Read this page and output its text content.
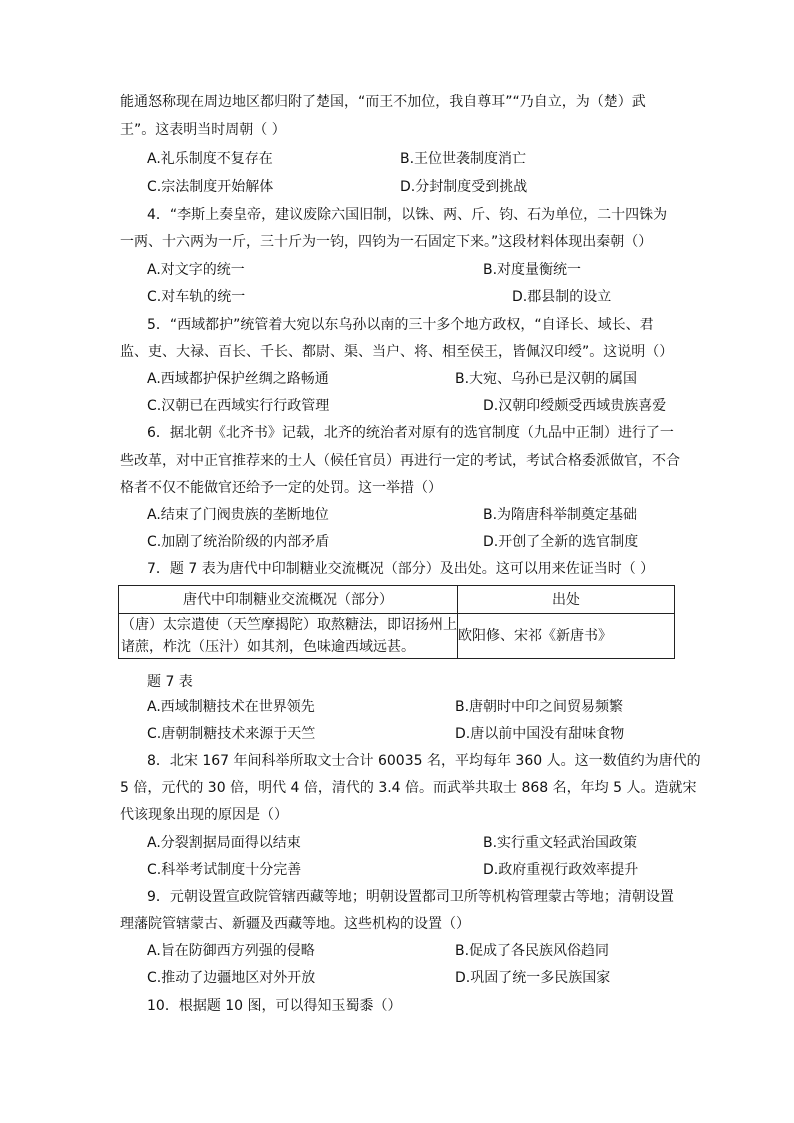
能通怒称现在周边地区都归附了楚国，“而王不加位，我自尊耳”“乃自立，为（楚）武
王”。这表明当时周朝（ ）
A.礼乐制度不复存在	B.王位世袭制度消亡
C.宗法制度开始解体	D.分封制度受到挑战
4．“李斯上奏皇帝，建议废除六国旧制，以铢、两、斤、钧、石为单位，二十四铢为
一两、十六两为一斤，三十斤为一钧，四钧为一石固定下来。”这段材料体现出秦朝（）
A.对文字的统一	B.对度量衡统一
C.对车轨的统一	D.郡县制的设立
5．“西域都护”统管着大宛以东乌孙以南的三十多个地方政权，“自译长、域长、君
监、吏、大禄、百长、千长、都尉、渠、当户、将、相至侯王，皆佩汉印绶”。这说明（）
A.西域都护保护丝绸之路畅通	B.大宛、乌孙已是汉朝的属国
C.汉朝已在西域实行行政管理	D.汉朝印绶颇受西域贵族喜爱
6．据北朝《北齐书》记载，北齐的统治者对原有的选官制度（九品中正制）进行了一
些改革，对中正官推荐来的士人（候任官员）再进行一定的考试，考试合格委派做官，不合
格者不仅不能做官还给予一定的处罚。这一举措（）
A.结束了门阀贵族的垄断地位	B.为隋唐科举制奠定基础
C.加剧了统治阶级的内部矛盾	D.开创了全新的选官制度
7．题 7 表为唐代中印制糖业交流概况（部分）及出处。这可以用来佐证当时（ ）
唐代中印制糖业交流概况（部分）	出处

（唐）太宗遣使（天竺摩揭陀）取熬糖法，即诏扬州上
诸蔗，柞沈（压汁）如其剂，色味逾西域远甚。	欧阳修、宋祁《新唐书》
题 7 表
A.西域制糖技术在世界领先	B.唐朝时中印之间贸易频繁
C.唐朝制糖技术来源于天竺	D.唐以前中国没有甜味食物
8．北宋 167 年间科举所取文士合计 60035 名，平均每年 360 人。这一数值约为唐代的
5 倍，元代的 30 倍，明代 4 倍，清代的 3.4 倍。而武举共取士 868 名，年均 5 人。造就宋
代该现象出现的原因是（）
A.分裂割据局面得以结束	B.实行重文轻武治国政策
C.科举考试制度十分完善	D.政府重视行政效率提升
9．元朝设置宣政院管辖西藏等地；明朝设置都司卫所等机构管理蒙古等地；清朝设置
理藩院管辖蒙古、新疆及西藏等地。这些机构的设置（）
A.旨在防御西方列强的侵略	B.促成了各民族风俗趋同
C.推动了边疆地区对外开放	D.巩固了统一多民族国家
10．根据题 10 图，可以得知玉蜀黍（）
